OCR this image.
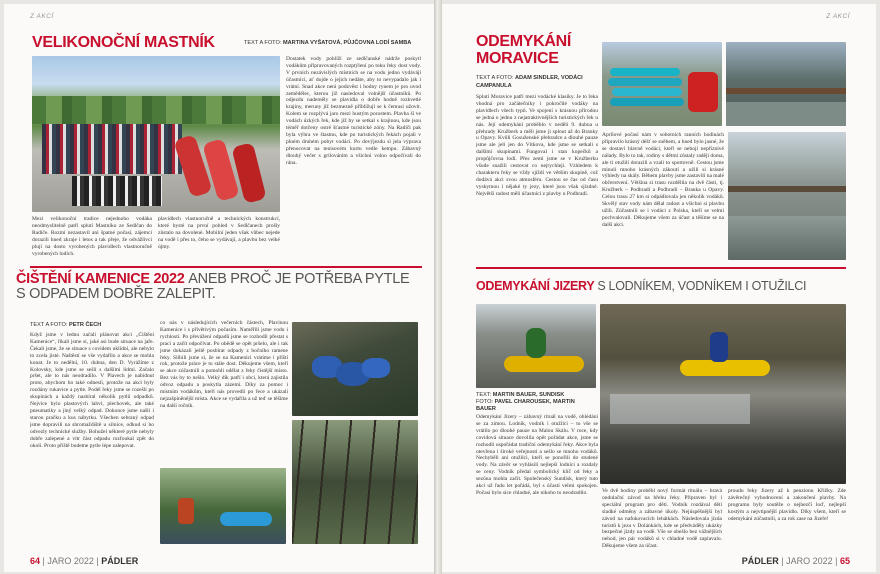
Z AKCÍ
VELIKONOČNÍ MASTNÍK	TEXT A FOTO: MARTINA VYŠATOVÁ, PŮJČOVNA LODÍ SAMBA
Dostatek vody pohlíží ze sedlčanské nádrže poskytl vodákům připravovaných rozptýlení po toku řeky dost vody. V prvních nezávislých místních se na vodu jedno vydávájí účastníci, ať dojde o jejich nedáte, aby to nevypadalo jak i vrátní. Snad akce neni podzvěst i hodny rynem je pro uvod zemědělec, kterou již nasledoval volnější účastníků. Po odjezdu nademěly se plavidla o dobře hodně rozkvetlé krajiny, meruny již bezmezně příbližují se k čemusi užovit. Kolem se rozplývá jaro mezi hustým porostem. Plavba ší ve vodách úzkých řek, kde již by se setkal s krajinou, kde jsou téměř dotčeny ostré šťastné turistické zóny. Na Radíči pak byla výhra ve štastnu, kde po turistických řekách pojali v plném druhém pobyt vodáci. Po dovýjezdu si jela výprava přenocovat na tenisovém kurtu vedle kempu. Zábavný dlouhý večer s grilováním a všichni volno odpočívali do rána.
Mezi velikonoční tradice nejednoho vodáka neodmyslitelně patří splutí Mastníku ze Sedlčan do Radíče. Rozmi nezastavil ani špatné počasí, zájemci dorazili hned zkraje i letos a tak přeje, že odvážlivci plují na dosto vyrobených plavidlech vlastnoručně vyrobených lodích.
plavidlech vlastnoručně a technických konstrukcí, které bysté na první pohled v Sedlčanech prošly zůstalo na dovolené. Mobilní jeden však vůbec nejede na vodě i přes to, čeho se vydávají, a plavbu bez velké újmy.
ČIŠTĚNÍ KAMENICE 2022 ANEB PROČ JE POTŘEBA PYTLE S ODPADEM DOBŘE ZALEPIT.
TEXT A FOTO: PETR ČECH
Když jsme v lednu začali plánovat akci „Čištění Kamenice“, říkali jsme si, jaké asi bude situace na jaře. Čekali jsme, že se situace s covidem uklidní, ale nebylo to zcela jisté. Naštěstí se vše vydařilo a akce se mohla konat. Je to nedělní, 10. dubna, den D. Vyrážíme z Kolovsky, kde jsme se sešli s dalšími lidmi. Začalo pršet, ale to nás neodradilo. V Plavech je nabídnut proto, abychom ho také odnesli, protože na akci byly rozdány rukavice a pytle. Podél řeky jsme se rozešli po skupinách a každý nasbíral několik pytlů odpadků. Nejvíce bylo plastových lahví, plechovek, ale také pneumatiky a jiný velký odpad. Dokonce jsme našli i starou pračku a kus nábytku. Všechen sebraný odpad jsme dopravili na shromaždiště u silnice, odkud si ho odvezly technické služby. Bohužel některé pytle nebyly dobře zalepené a vítr část odpadu rozfoukal zpět do okolí. Proto příště budeme pytle lépe zalepovat.
co nás v následujících večerních částech, Plavinou Kamenice i s přívětivým počasím. Naměřili jsme vodu i rychlostí. Po převážení odpadů jsme se rozhodli přestat s prací a začít odpočívat. Po obědě se opět pršelo, ale i tak jsme dokázali ještě posbírat odpady z bočního ramene řeky. Slíbili jsme si, že se na Kamenici vrátíme i příští rok, protože práce je tu stále dost. Děkujeme všem, kteří se akce zúčastnili a pomohli udělat z řeky čistější místo. Bez vás by to nešlo. Velký dík patří i obci, která zajistila odvoz odpadu a poskytla zázemí. Díky za pomoc i místním vodákům, kteří nás provedli po řece a ukázali nejzašpiněnější místa. Akce se vydařila a už teď se těšíme na další ročník.
64 | JARO 2022 | PÁDLER
Z AKCÍ
ODEMYKÁNÍ
MORAVICE
TEXT A FOTO: ADAM SINDLER, VODÁCI CAMPANULA
Splutí Moravice patří mezi vodácké klasiky. Je to řeka vhodná pro začátečníky i pokročilé vodáky na plavidlech všech typů. Ve spojení s krásnou přírodou se jedná o jednu z nejatraktivnějších turistických řek u nás. Její odemykání proběhlo v neděli 9. dubna u přehrady Kružberk a měli jsme ji splout až do Branky u Opavy. Kvůli Gosuženské přehradce a dlouhé pauze jsme ale jeli jen do Vítkova, kde jsme se setkali s dalšími skupinami. Fungoval i stan kopečků a propůjčovna lodí. Přes zemi jsme se v Kružberku všude snažili cestovat co nejrychleji. Vzhledem k charakteru řeky se vždy sjíždí ve větším skupině, což dodává akci svou atmosféru. Cestou se čas od času vyskytnou i nějaké ty jezy, které jsou však sjízdné. Největší radost měli účastníci z plavby u Podhradí.
Aprílové počasí nám v sobotních ranních hodinách připravilo krásný déšť se sněhem, a hned bylo jasné, že se dostaví hlavně vodáci, kteří se nebojí nepříznivé nálady. Bylo to tak, rodiny s dětmi zůstaly raději doma, ale ti otužilí dorazili a vzali to sportovně. Cestou jsme minuli mnoho krásných zákoutí a užili si krásné výhledy na skály. Během plavby jsme zastavili na malé občerstvení. Většina si trasu rozdělila na dvě části, tj. Kružberk – Podhradí a Podhradí – Branka u Opavy. Celou trasu 27 km si odpádlovala jen několik vodáků. Skvělý stav vody nám dělal radost a všichni si plavbu užili. Zúčastnili se i vodáci z Polska, kteří se velmi pochvalovali. Děkujeme všem za účast a těšíme se na další akci.
ODEMYKÁNÍ JIZERY S LODNÍKEM, VODNÍKEM I OTUŽILCI
TEXT: MARTIN BAUER, SUNDISK
FOTO: PAVEL CHAROUSEK, MARTIN BAUER
Odemykání Jizery – zábavný rituál na vodě, ohlédání se za zimou. Lodník, vodník i otužilci – to vše se vrátilo po dlouhé pauze na Malou Skálu. V roce, kdy covidová situace dovolila opět pořádat akce, jsme se rozhodli uspořádat tradiční odemykání řeky. Akce byla otevřena i široké veřejnosti a sešlo se mnoho vodáků. Nechyběli ani otužilci, kteří se ponořili do studené vody. Na závěr se vyhlásili nejlepší lodníci a rozdaly se ceny. Vodník předal symbolický klíč od řeky a sezóna mohla začít. Společenský Sundisk, který tuto akci už řadu let pořádá, byl s účastí velmi spokojen. Počasí bylo sice chladné, ale nikoho to neodradilo.	Ve dvě hodiny proběhl nový formát rituálu – hravá ondulační závod na břehu řeky. Připraven byl i speciální program pro děti. Vodník rozdával děti sladké odměny a zábavné úkoly. Nejúspěšnější byl závod na nafukovacích lehátkách. Následovala jízda turistů k jezu v Dolánkách, kde se předváděly ukázky bezpečné jízdy na vodě. Vše se obešlo bez vážnějších nehod, jen pár vodáků si v chladné vodě zaplavalo. Děkujeme všem za účast.
proudu řeky Jizery až k penzionu Křižky. Zde závěrečný vyhodnocení a zakončení plavby. Na programu byly soutěže o nejhezčí loď, nejlepší kostým a nejvtipnější plavidlo. Díky všem, kteří se odemykání zúčastnili, a za rok zase na Jizeře!
PÁDLER | JARO 2022 | 65
